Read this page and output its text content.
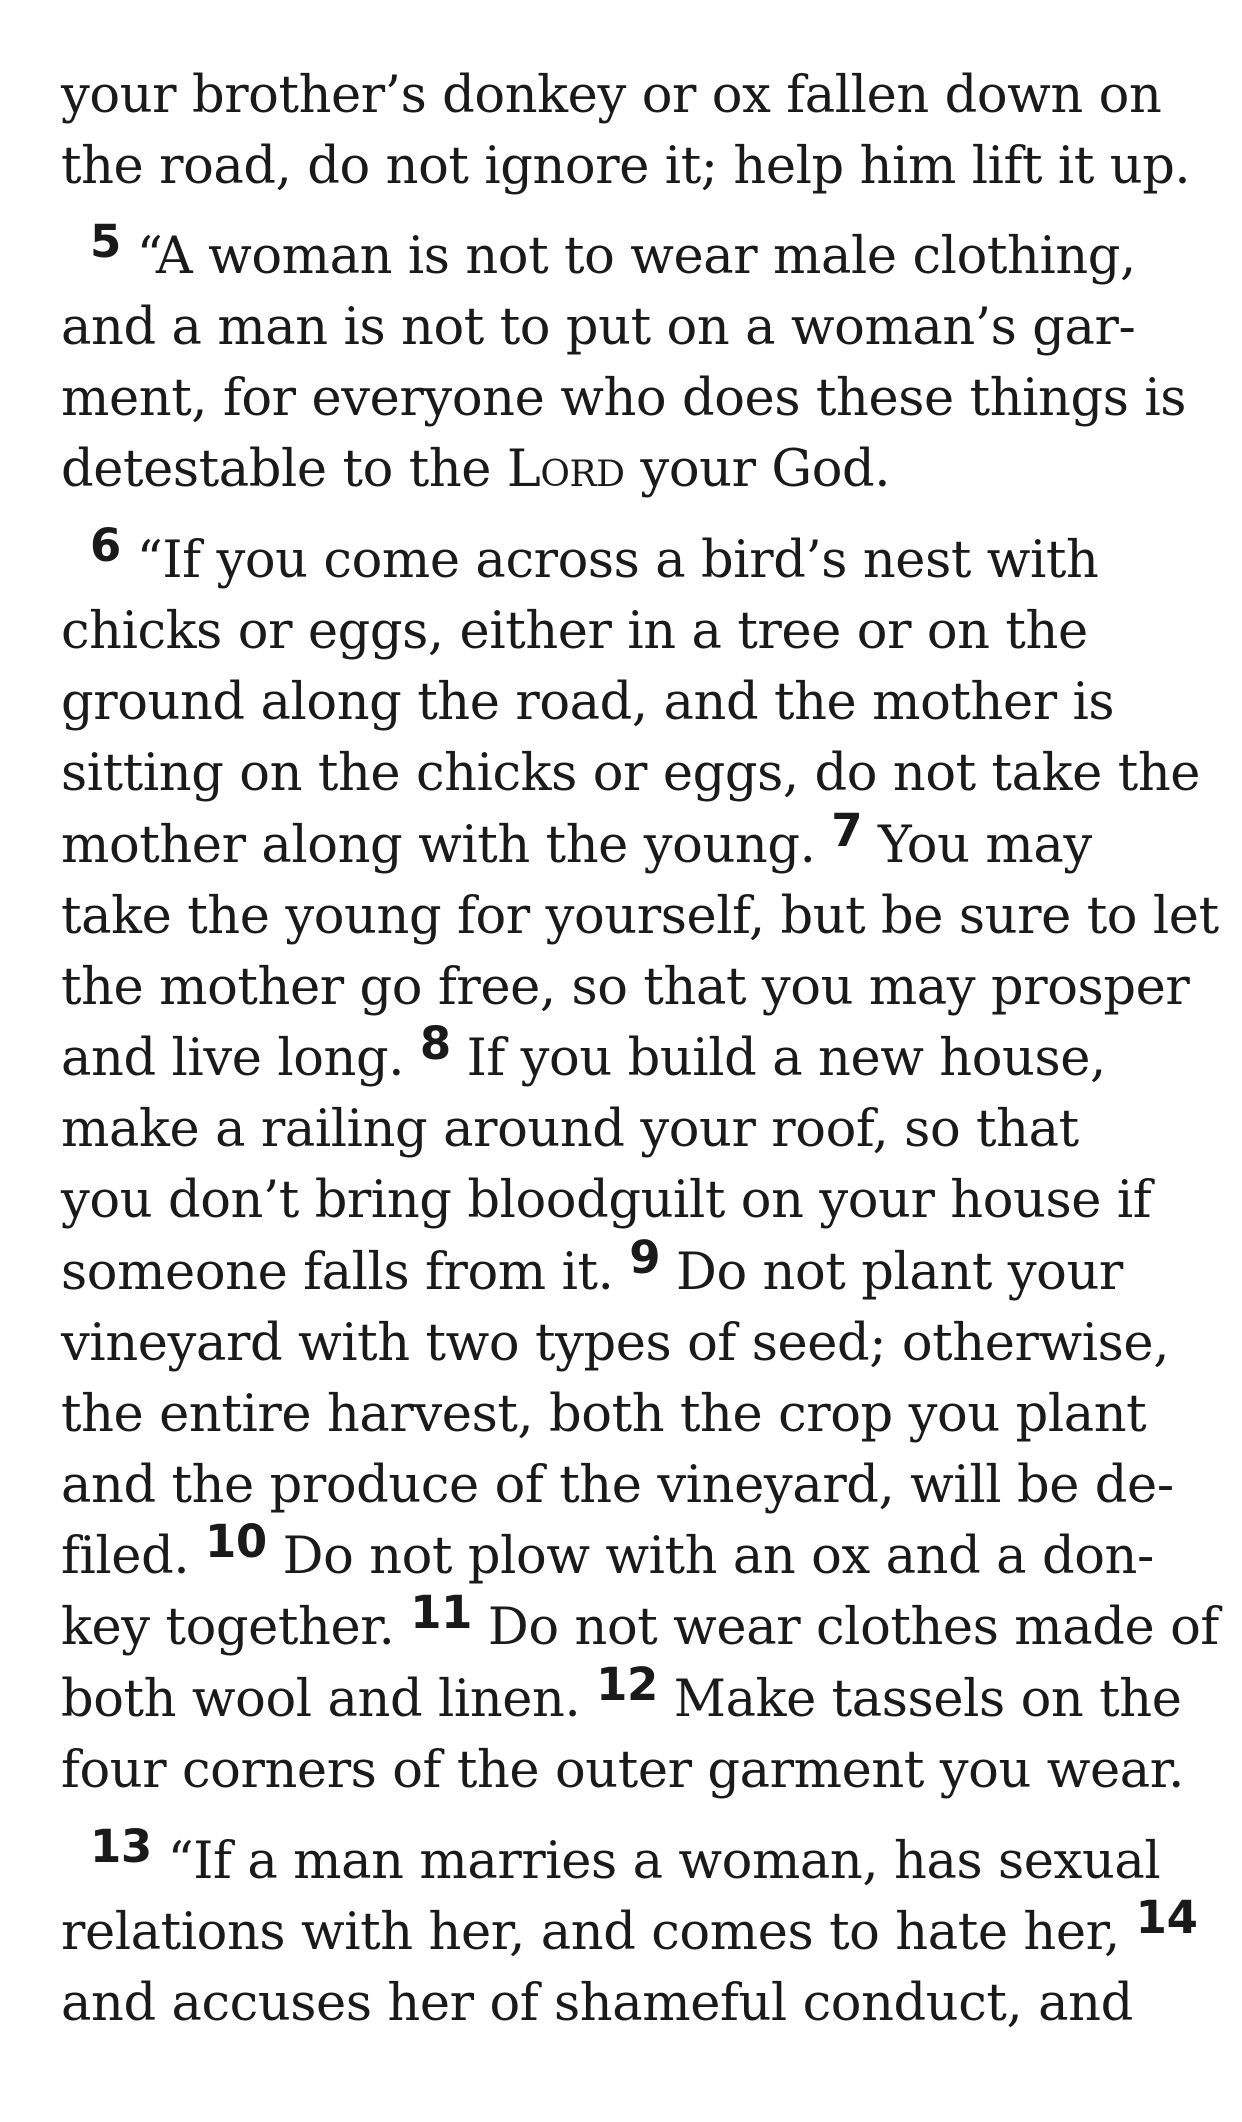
your brother’s donkey or ox fallen down on
the road, do not ignore it; help him lift it up.
5 “A woman is not to wear male clothing,
and a man is not to put on a woman’s gar-
ment, for everyone who does these things is
detestable to the Lord your God.
6 “If you come across a bird’s nest with
chicks or eggs, either in a tree or on the
ground along the road, and the mother is
sitting on the chicks or eggs, do not take the
mother along with the young. 7 You may
take the young for yourself, but be sure to let
the mother go free, so that you may prosper
and live long. 8 If you build a new house,
make a railing around your roof, so that
you don’t bring bloodguilt on your house if
someone falls from it. 9 Do not plant your
vineyard with two types of seed; otherwise,
the entire harvest, both the crop you plant
and the produce of the vineyard, will be de-
filed. 10 Do not plow with an ox and a don-
key together. 11 Do not wear clothes made of
both wool and linen. 12 Make tassels on the
four corners of the outer garment you wear.
13 “If a man marries a woman, has sexual
relations with her, and comes to hate her, 14
and accuses her of shameful conduct, and
